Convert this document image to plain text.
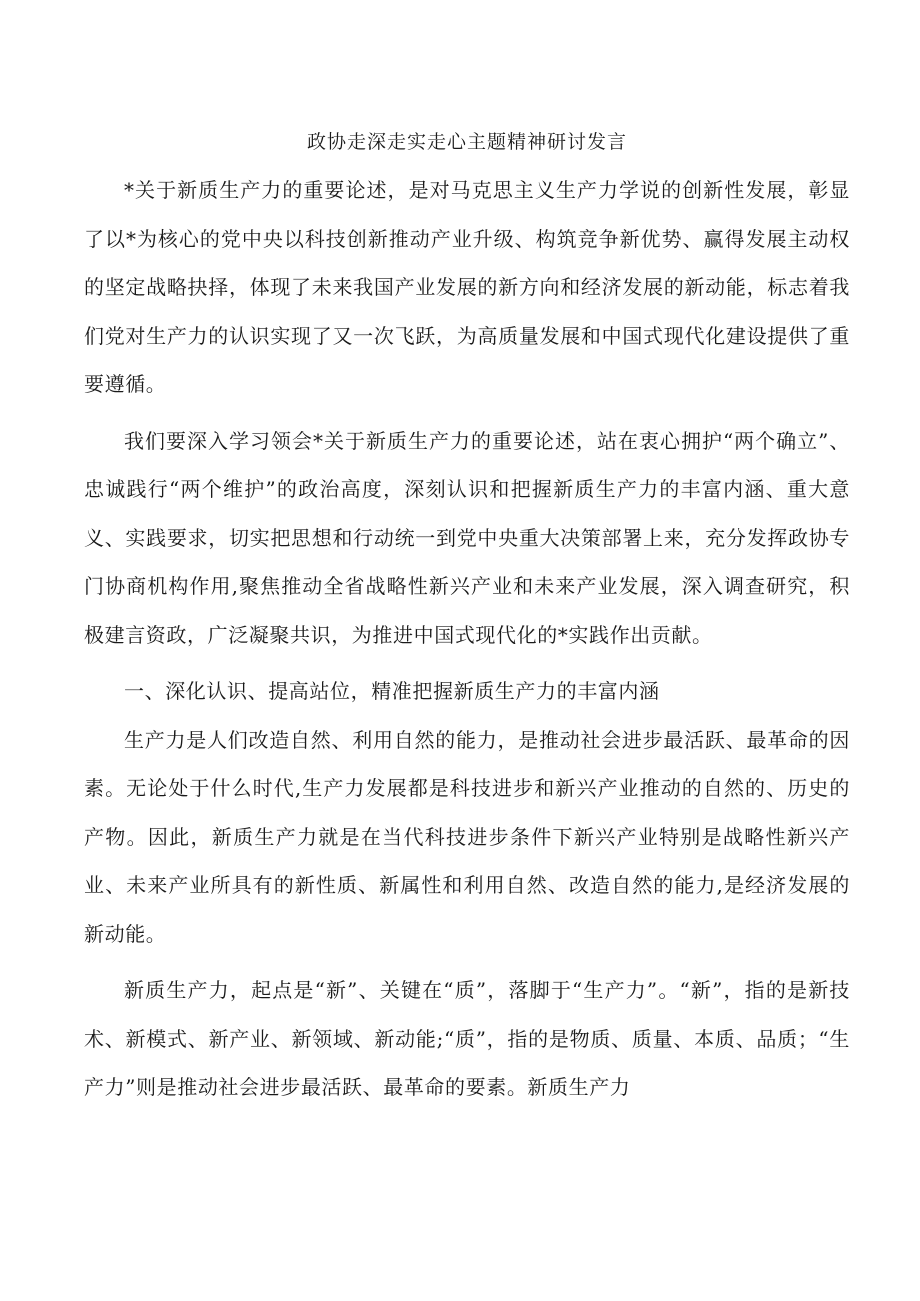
政协走深走实走心主题精神研讨发言

*关于新质生产力的重要论述，是对马克思主义生产力学说的创新性发展，彰显了以*为核心的党中央以科技创新推动产业升级、构筑竞争新优势、赢得发展主动权的坚定战略抉择，体现了未来我国产业发展的新方向和经济发展的新动能，标志着我们党对生产力的认识实现了又一次飞跃，为高质量发展和中国式现代化建设提供了重要遵循。

我们要深入学习领会*关于新质生产力的重要论述，站在衷心拥护“两个确立”、忠诚践行“两个维护”的政治高度，深刻认识和把握新质生产力的丰富内涵、重大意义、实践要求，切实把思想和行动统一到党中央重大决策部署上来，充分发挥政协专门协商机构作用,聚焦推动全省战略性新兴产业和未来产业发展，深入调查研究，积极建言资政，广泛凝聚共识，为推进中国式现代化的*实践作出贡献。

一、深化认识、提高站位，精准把握新质生产力的丰富内涵

生产力是人们改造自然、利用自然的能力，是推动社会进步最活跃、最革命的因素。无论处于什么时代,生产力发展都是科技进步和新兴产业推动的自然的、历史的产物。因此，新质生产力就是在当代科技进步条件下新兴产业特别是战略性新兴产业、未来产业所具有的新性质、新属性和利用自然、改造自然的能力,是经济发展的新动能。

新质生产力，起点是“新”、关键在“质”，落脚于“生产力”。“新”，指的是新技术、新模式、新产业、新领域、新动能;“质”，指的是物质、质量、本质、品质；“生产力”则是推动社会进步最活跃、最革命的要素。新质生产力
